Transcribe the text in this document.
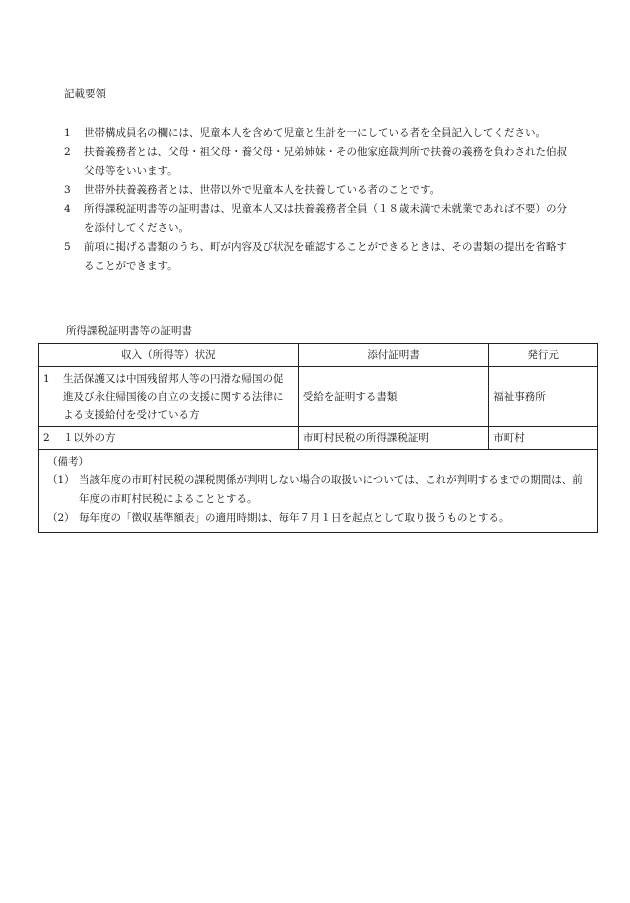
記載要領

1	世帯構成員名の欄には、児童本人を含めて児童と生計を一にしている者を全員記入してください。

2	扶養義務者とは、父母・祖父母・養父母・兄弟姉妹・その他家庭裁判所で扶養の義務を負わされた伯叔父母等をいいます。

3	世帯外扶養義務者とは、世帯以外で児童本人を扶養している者のことです。

4	所得課税証明書等の証明書は、児童本人又は扶養義務者全員（１８歳未満で未就業であれば不要）の分を添付してください。

5	前項に掲げる書類のうち、町が内容及び状況を確認することができるときは、その書類の提出を省略することができます。

所得課税証明書等の証明書
収入（所得等）状況	添付証明書	発行元

1 生活保護又は中国残留邦人等の円滑な帰国の促進及び永住帰国後の自立の支援に関する法律による支援給付を受けている方	受給を証明する書類	福祉事務所

2 １以外の方	市町村民税の所得課税証明	市町村

（備考）
（1） 当該年度の市町村民税の課税関係が判明しない場合の取扱いについては、これが判明するまでの期間は、前年度の市町村民税によることとする。
（2） 毎年度の「徴収基準額表」の適用時期は、毎年７月１日を起点として取り扱うものとする。		
